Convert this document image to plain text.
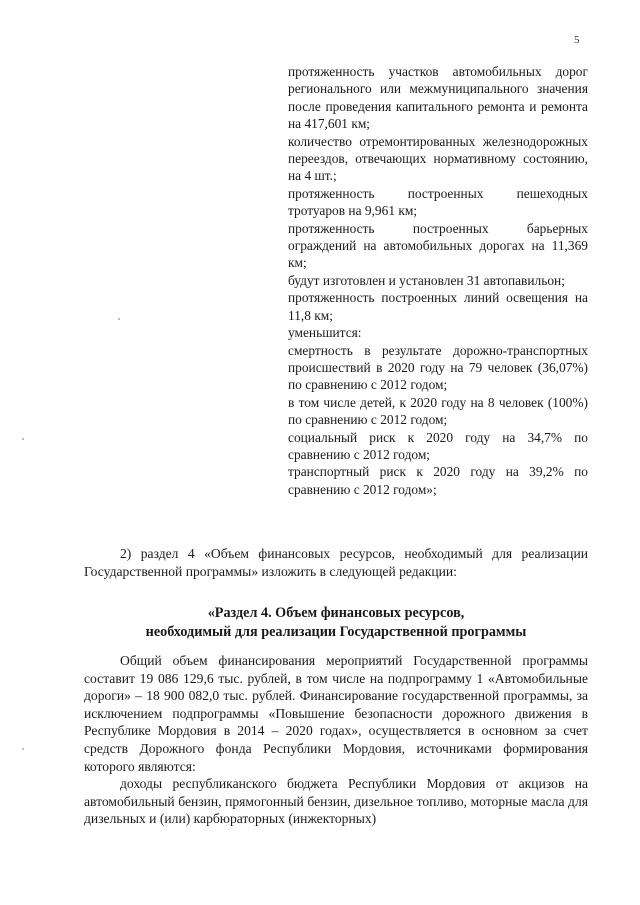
5

протяженность участков автомобильных дорог регионального или межмуниципального значения после проведения капитального ремонта и ремонта на 417,601 км;

количество отремонтированных железнодорожных переездов, отвечающих нормативному состоянию, на 4 шт.;

протяженность построенных пешеходных тротуаров на 9,961 км;

протяженность построенных барьерных ограждений на автомобильных дорогах на 11,369 км;

будут изготовлен и установлен 31 автопавильон;

протяженность построенных линий освещения на 11,8 км;

уменьшится:

смертность в результате дорожно-транспортных происшествий в 2020 году на 79 человек (36,07%) по сравнению с 2012 годом;

в том числе детей, к 2020 году на 8 человек (100%) по сравнению с 2012 годом;

социальный риск к 2020 году на 34,7% по сравнению с 2012 годом;

транспортный риск к 2020 году на 39,2% по сравнению с 2012 годом»;

2) раздел 4 «Объем финансовых ресурсов, необходимый для реализации Государственной программы» изложить в следующей редакции:

«Раздел 4. Объем финансовых ресурсов,
необходимый для реализации Государственной программы

Общий объем финансирования мероприятий Государственной программы составит 19 086 129,6 тыс. рублей, в том числе на подпрограмму 1 «Автомобильные дороги» – 18 900 082,0 тыс. рублей. Финансирование государственной программы, за исключением подпрограммы «Повышение безопасности дорожного движения в Республике Мордовия в 2014 – 2020 годах», осуществляется в основном за счет средств Дорожного фонда Республики Мордовия, источниками формирования которого являются:

доходы республиканского бюджета Республики Мордовия от акцизов на автомобильный бензин, прямогонный бензин, дизельное топливо, моторные масла для дизельных и (или) карбюраторных (инжекторных)
